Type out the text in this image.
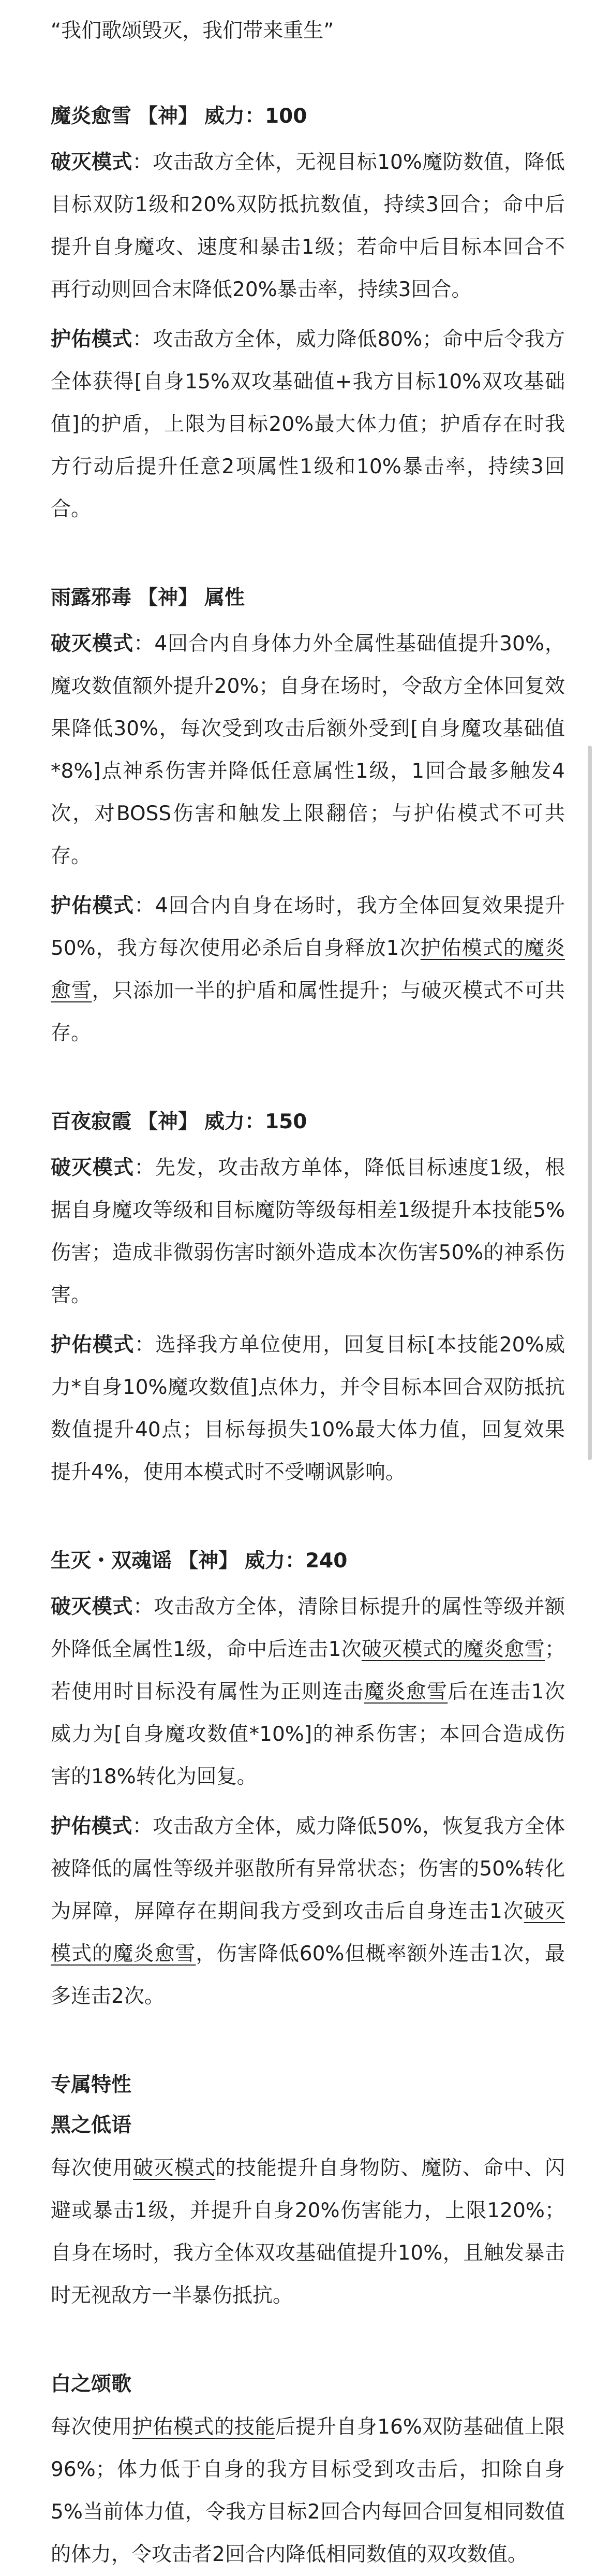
“我们歌颂毁灭，我们带来重生”
魔炎愈雪 【神】 威力：100
破灭模式：攻击敌方全体，无视目标10%魔防数值，降低目标双防1级和20%双防抵抗数值，持续3回合；命中后提升自身魔攻、速度和暴击1级；若命中后目标本回合不再行动则回合末降低20%暴击率，持续3回合。
护佑模式：攻击敌方全体，威力降低80%；命中后令我方全体获得[自身15%双攻基础值+我方目标10%双攻基础值]的护盾，上限为目标20%最大体力值；护盾存在时我方行动后提升任意2项属性1级和10%暴击率，持续3回合。
雨露邪毒 【神】 属性
破灭模式：4回合内自身体力外全属性基础值提升30%，魔攻数值额外提升20%；自身在场时，令敌方全体回复效果降低30%，每次受到攻击后额外受到[自身魔攻基础值*8%]点神系伤害并降低任意属性1级，1回合最多触发4次，对BOSS伤害和触发上限翻倍；与护佑模式不可共存。
护佑模式：4回合内自身在场时，我方全体回复效果提升50%，我方每次使用必杀后自身释放1次护佑模式的魔炎愈雪，只添加一半的护盾和属性提升；与破灭模式不可共存。
百夜寂霞 【神】 威力：150
破灭模式：先发，攻击敌方单体，降低目标速度1级，根据自身魔攻等级和目标魔防等级每相差1级提升本技能5%伤害；造成非微弱伤害时额外造成本次伤害50%的神系伤害。
护佑模式：选择我方单位使用，回复目标[本技能20%威力*自身10%魔攻数值]点体力，并令目标本回合双防抵抗数值提升40点；目标每损失10%最大体力值，回复效果提升4%，使用本模式时不受嘲讽影响。
生灭・双魂谣 【神】 威力：240
破灭模式：攻击敌方全体，清除目标提升的属性等级并额外降低全属性1级，命中后连击1次破灭模式的魔炎愈雪；若使用时目标没有属性为正则连击魔炎愈雪后在连击1次威力为[自身魔攻数值*10%]的神系伤害；本回合造成伤害的18%转化为回复。
护佑模式：攻击敌方全体，威力降低50%，恢复我方全体被降低的属性等级并驱散所有异常状态；伤害的50%转化为屏障，屏障存在期间我方受到攻击后自身连击1次破灭模式的魔炎愈雪，伤害降低60%但概率额外连击1次，最多连击2次。
专属特性
黑之低语
每次使用破灭模式的技能提升自身物防、魔防、命中、闪避或暴击1级，并提升自身20%伤害能力，上限120%；自身在场时，我方全体双攻基础值提升10%，且触发暴击时无视敌方一半暴伤抵抗。
白之颂歌
每次使用护佑模式的技能后提升自身16%双防基础值上限96%；体力低于自身的我方目标受到攻击后，扣除自身5%当前体力值，令我方目标2回合内每回合回复相同数值的体力，令攻击者2回合内降低相同数值的双攻数值。
